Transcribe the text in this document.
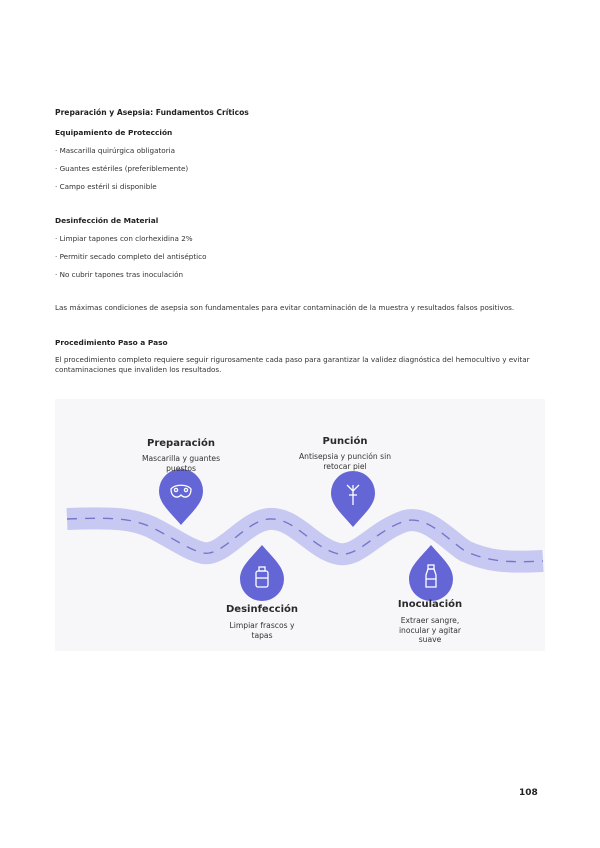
Preparación y Asepsia: Fundamentos Críticos

Equipamiento de Protección

· Mascarilla quirúrgica obligatoria

· Guantes estériles (preferiblemente)

· Campo estéril si disponible

Desinfección de Material

· Limpiar tapones con clorhexidina 2%

· Permitir secado completo del antiséptico

· No cubrir tapones tras inoculación

Las máximas condiciones de asepsia son fundamentales para evitar contaminación de la muestra y resultados falsos positivos.

Procedimiento Paso a Paso

El procedimiento completo requiere seguir rigurosamente cada paso para garantizar la validez diagnóstica del hemocultivo y evitar contaminaciones que invaliden los resultados.

Preparación
Mascarilla y guantes puestos
Punción
Antisepsia y punción sin retocar piel
Desinfección
Limpiar frascos y tapas
Inoculación
Extraer sangre, inocular y agitar suave
108
